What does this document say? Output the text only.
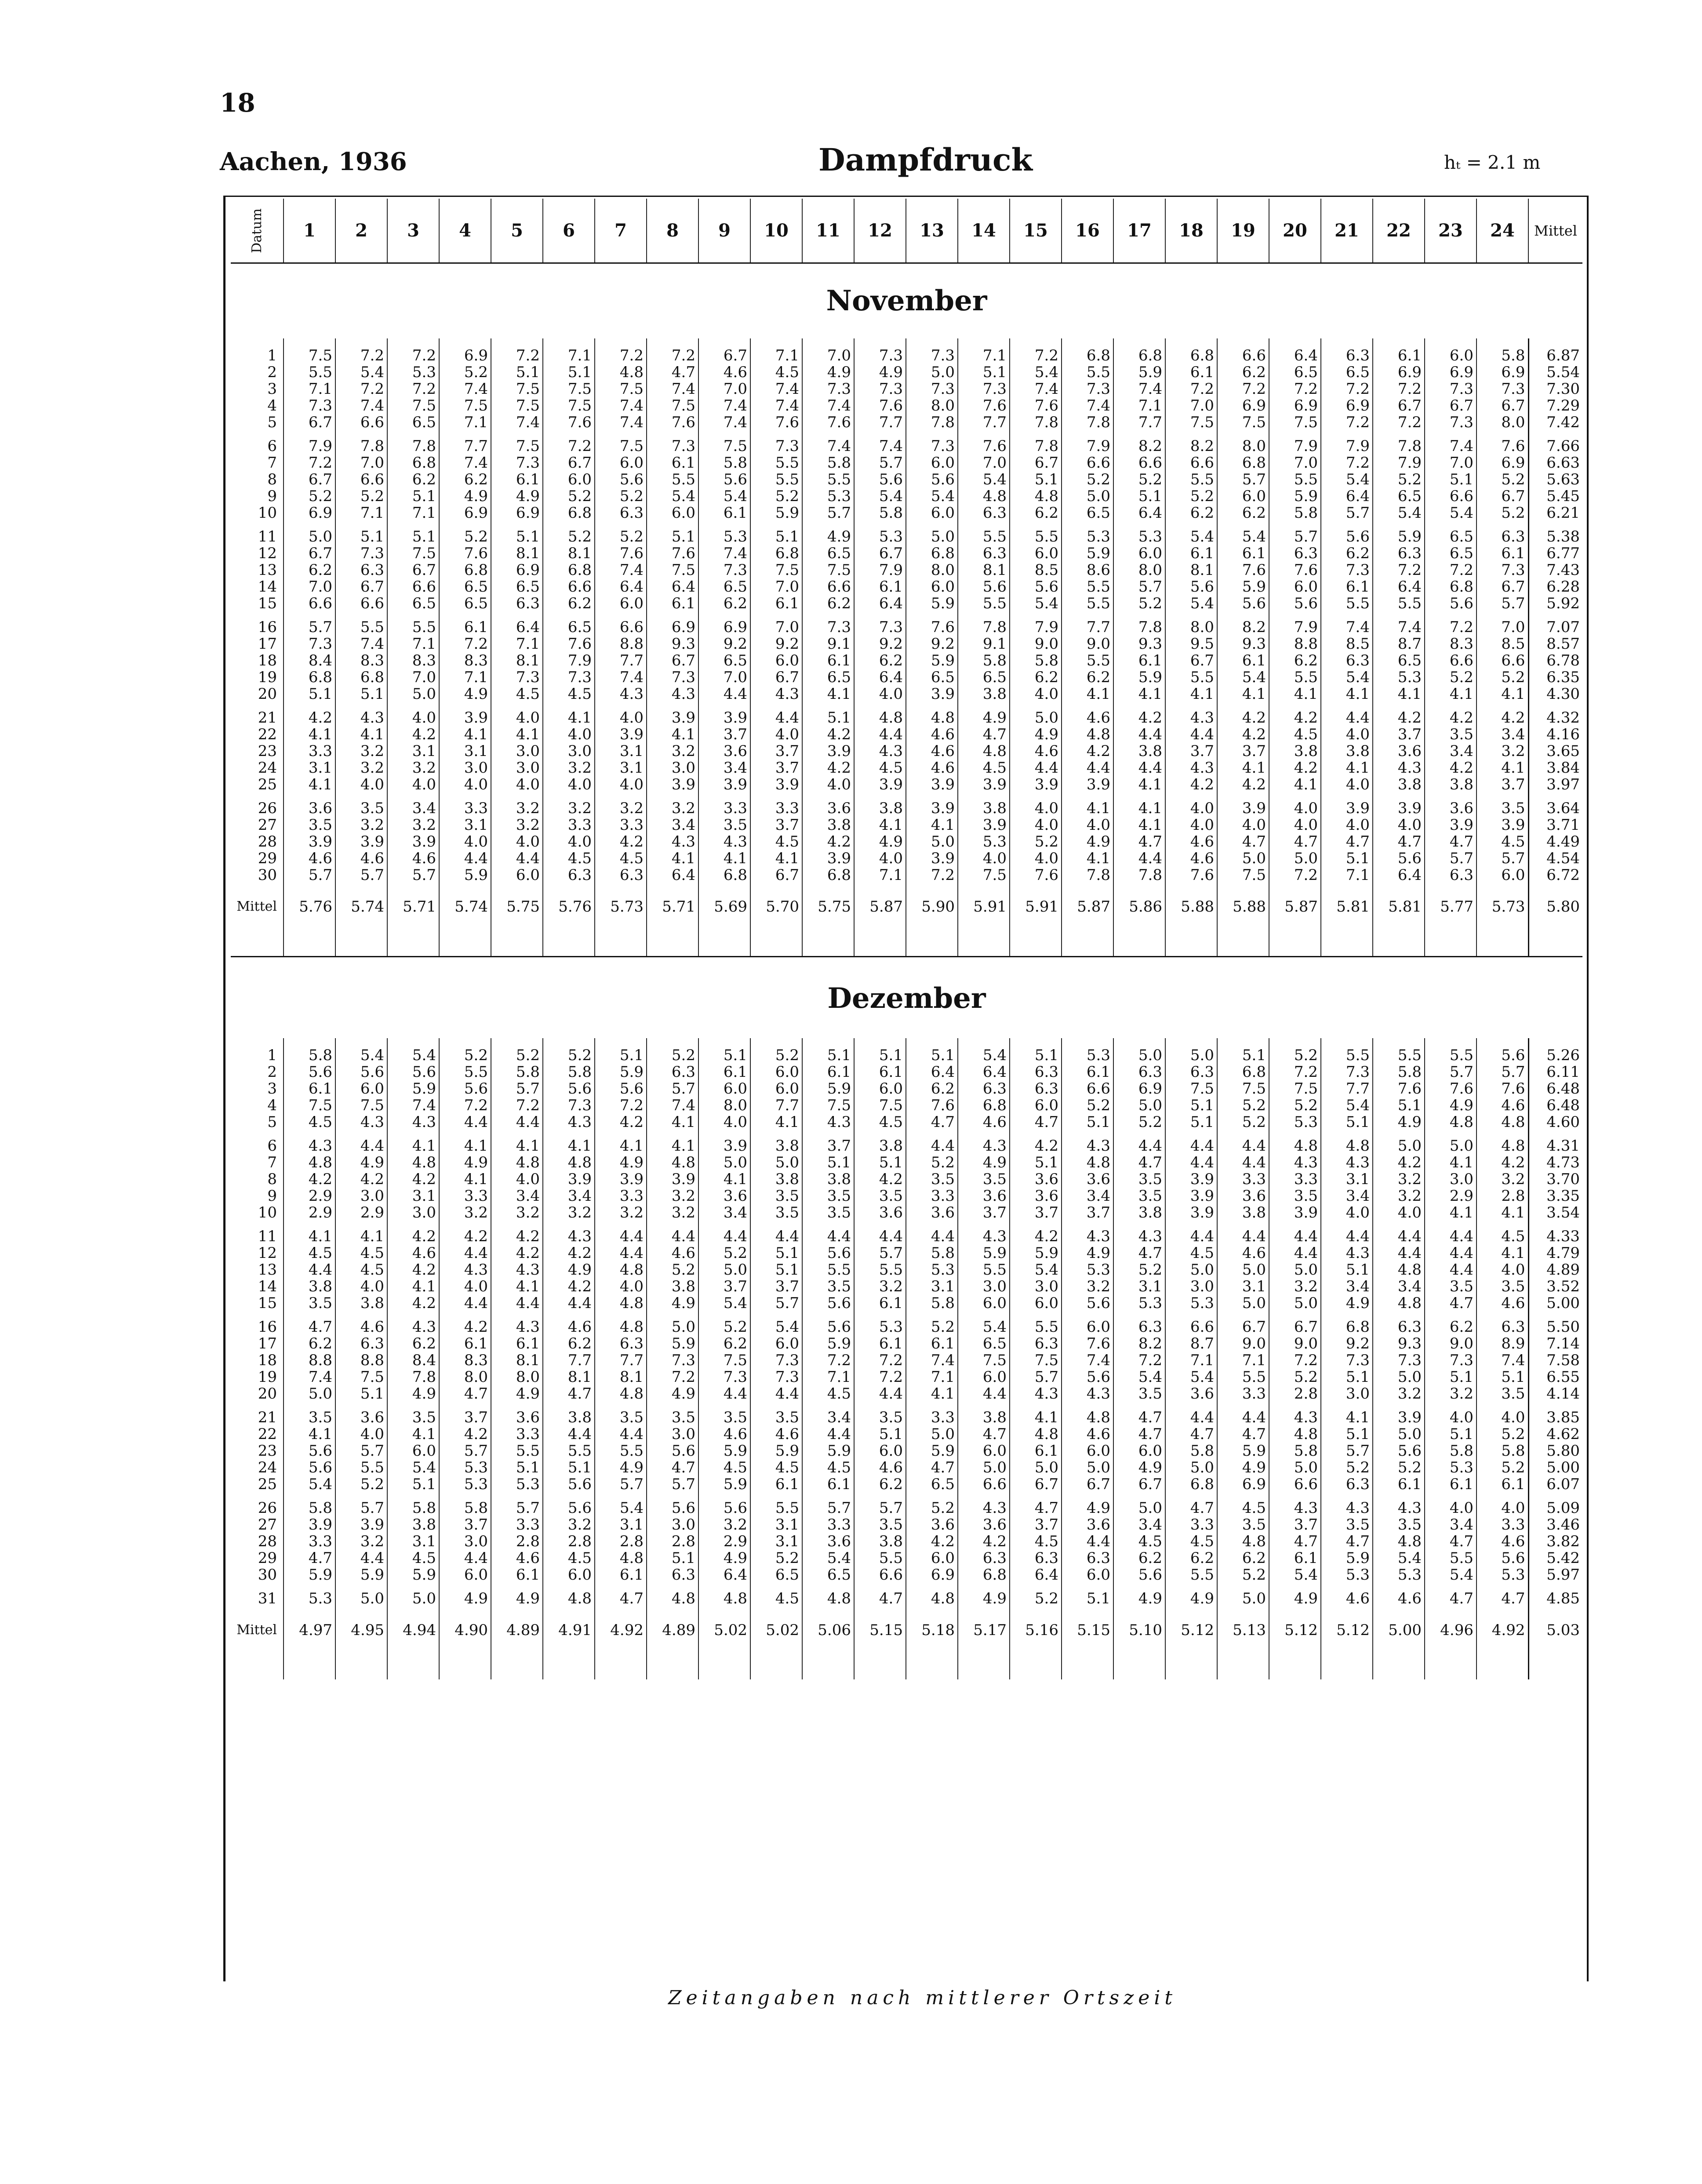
18
Aachen, 1936	Dampfdruck	hₜ = 2.1 m
Datum	1	2	3	4	5	6	7	8	9	10	11	12	13	14	15	16	17	18	19	20	21	22	23	24	Mittel
November																									

1	7.5	7.2	7.2	6.9	7.2	7.1	7.2	7.2	6.7	7.1	7.0	7.3	7.3	7.1	7.2	6.8	6.8	6.8	6.6	6.4	6.3	6.1	6.0	5.8	6.87
2	5.5	5.4	5.3	5.2	5.1	5.1	4.8	4.7	4.6	4.5	4.9	4.9	5.0	5.1	5.4	5.5	5.9	6.1	6.2	6.5	6.5	6.9	6.9	6.9	5.54
3	7.1	7.2	7.2	7.4	7.5	7.5	7.5	7.4	7.0	7.4	7.3	7.3	7.3	7.3	7.4	7.3	7.4	7.2	7.2	7.2	7.2	7.2	7.3	7.3	7.30
4	7.3	7.4	7.5	7.5	7.5	7.5	7.4	7.5	7.4	7.4	7.4	7.6	8.0	7.6	7.6	7.4	7.1	7.0	6.9	6.9	6.9	6.7	6.7	6.7	7.29
5	6.7	6.6	6.5	7.1	7.4	7.6	7.4	7.6	7.4	7.6	7.6	7.7	7.8	7.7	7.8	7.8	7.7	7.5	7.5	7.5	7.2	7.2	7.3	8.0	7.42

6	7.9	7.8	7.8	7.7	7.5	7.2	7.5	7.3	7.5	7.3	7.4	7.4	7.3	7.6	7.8	7.9	8.2	8.2	8.0	7.9	7.9	7.8	7.4	7.6	7.66
7	7.2	7.0	6.8	7.4	7.3	6.7	6.0	6.1	5.8	5.5	5.8	5.7	6.0	7.0	6.7	6.6	6.6	6.6	6.8	7.0	7.2	7.9	7.0	6.9	6.63
8	6.7	6.6	6.2	6.2	6.1	6.0	5.6	5.5	5.6	5.5	5.5	5.6	5.6	5.4	5.1	5.2	5.2	5.5	5.7	5.5	5.4	5.2	5.1	5.2	5.63
9	5.2	5.2	5.1	4.9	4.9	5.2	5.2	5.4	5.4	5.2	5.3	5.4	5.4	4.8	4.8	5.0	5.1	5.2	6.0	5.9	6.4	6.5	6.6	6.7	5.45
10	6.9	7.1	7.1	6.9	6.9	6.8	6.3	6.0	6.1	5.9	5.7	5.8	6.0	6.3	6.2	6.5	6.4	6.2	6.2	5.8	5.7	5.4	5.4	5.2	6.21

11	5.0	5.1	5.1	5.2	5.1	5.2	5.2	5.1	5.3	5.1	4.9	5.3	5.0	5.5	5.5	5.3	5.3	5.4	5.4	5.7	5.6	5.9	6.5	6.3	5.38
12	6.7	7.3	7.5	7.6	8.1	8.1	7.6	7.6	7.4	6.8	6.5	6.7	6.8	6.3	6.0	5.9	6.0	6.1	6.1	6.3	6.2	6.3	6.5	6.1	6.77
13	6.2	6.3	6.7	6.8	6.9	6.8	7.4	7.5	7.3	7.5	7.5	7.9	8.0	8.1	8.5	8.6	8.0	8.1	7.6	7.6	7.3	7.2	7.2	7.3	7.43
14	7.0	6.7	6.6	6.5	6.5	6.6	6.4	6.4	6.5	7.0	6.6	6.1	6.0	5.6	5.6	5.5	5.7	5.6	5.9	6.0	6.1	6.4	6.8	6.7	6.28
15	6.6	6.6	6.5	6.5	6.3	6.2	6.0	6.1	6.2	6.1	6.2	6.4	5.9	5.5	5.4	5.5	5.2	5.4	5.6	5.6	5.5	5.5	5.6	5.7	5.92

16	5.7	5.5	5.5	6.1	6.4	6.5	6.6	6.9	6.9	7.0	7.3	7.3	7.6	7.8	7.9	7.7	7.8	8.0	8.2	7.9	7.4	7.4	7.2	7.0	7.07
17	7.3	7.4	7.1	7.2	7.1	7.6	8.8	9.3	9.2	9.2	9.1	9.2	9.2	9.1	9.0	9.0	9.3	9.5	9.3	8.8	8.5	8.7	8.3	8.5	8.57
18	8.4	8.3	8.3	8.3	8.1	7.9	7.7	6.7	6.5	6.0	6.1	6.2	5.9	5.8	5.8	5.5	6.1	6.7	6.1	6.2	6.3	6.5	6.6	6.6	6.78
19	6.8	6.8	7.0	7.1	7.3	7.3	7.4	7.3	7.0	6.7	6.5	6.4	6.5	6.5	6.2	6.2	5.9	5.5	5.4	5.5	5.4	5.3	5.2	5.2	6.35
20	5.1	5.1	5.0	4.9	4.5	4.5	4.3	4.3	4.4	4.3	4.1	4.0	3.9	3.8	4.0	4.1	4.1	4.1	4.1	4.1	4.1	4.1	4.1	4.1	4.30

21	4.2	4.3	4.0	3.9	4.0	4.1	4.0	3.9	3.9	4.4	5.1	4.8	4.8	4.9	5.0	4.6	4.2	4.3	4.2	4.2	4.4	4.2	4.2	4.2	4.32
22	4.1	4.1	4.2	4.1	4.1	4.0	3.9	4.1	3.7	4.0	4.2	4.4	4.6	4.7	4.9	4.8	4.4	4.4	4.2	4.5	4.0	3.7	3.5	3.4	4.16
23	3.3	3.2	3.1	3.1	3.0	3.0	3.1	3.2	3.6	3.7	3.9	4.3	4.6	4.8	4.6	4.2	3.8	3.7	3.7	3.8	3.8	3.6	3.4	3.2	3.65
24	3.1	3.2	3.2	3.0	3.0	3.2	3.1	3.0	3.4	3.7	4.2	4.5	4.6	4.5	4.4	4.4	4.4	4.3	4.1	4.2	4.1	4.3	4.2	4.1	3.84
25	4.1	4.0	4.0	4.0	4.0	4.0	4.0	3.9	3.9	3.9	4.0	3.9	3.9	3.9	3.9	3.9	4.1	4.2	4.2	4.1	4.0	3.8	3.8	3.7	3.97

26	3.6	3.5	3.4	3.3	3.2	3.2	3.2	3.2	3.3	3.3	3.6	3.8	3.9	3.8	4.0	4.1	4.1	4.0	3.9	4.0	3.9	3.9	3.6	3.5	3.64
27	3.5	3.2	3.2	3.1	3.2	3.3	3.3	3.4	3.5	3.7	3.8	4.1	4.1	3.9	4.0	4.0	4.1	4.0	4.0	4.0	4.0	4.0	3.9	3.9	3.71
28	3.9	3.9	3.9	4.0	4.0	4.0	4.2	4.3	4.3	4.5	4.2	4.9	5.0	5.3	5.2	4.9	4.7	4.6	4.7	4.7	4.7	4.7	4.7	4.5	4.49
29	4.6	4.6	4.6	4.4	4.4	4.5	4.5	4.1	4.1	4.1	3.9	4.0	3.9	4.0	4.0	4.1	4.4	4.6	5.0	5.0	5.1	5.6	5.7	5.7	4.54
30	5.7	5.7	5.7	5.9	6.0	6.3	6.3	6.4	6.8	6.7	6.8	7.1	7.2	7.5	7.6	7.8	7.8	7.6	7.5	7.2	7.1	6.4	6.3	6.0	6.72
Mittel	5.76	5.74	5.71	5.74	5.75	5.76	5.73	5.71	5.69	5.70	5.75	5.87	5.90	5.91	5.91	5.87	5.86	5.88	5.88	5.87	5.81	5.81	5.77	5.73	5.80

Dezember																									

1	5.8	5.4	5.4	5.2	5.2	5.2	5.1	5.2	5.1	5.2	5.1	5.1	5.1	5.4	5.1	5.3	5.0	5.0	5.1	5.2	5.5	5.5	5.5	5.6	5.26
2	5.6	5.6	5.6	5.5	5.8	5.8	5.9	6.3	6.1	6.0	6.1	6.1	6.4	6.4	6.3	6.1	6.3	6.3	6.8	7.2	7.3	5.8	5.7	5.7	6.11
3	6.1	6.0	5.9	5.6	5.7	5.6	5.6	5.7	6.0	6.0	5.9	6.0	6.2	6.3	6.3	6.6	6.9	7.5	7.5	7.5	7.7	7.6	7.6	7.6	6.48
4	7.5	7.5	7.4	7.2	7.2	7.3	7.2	7.4	8.0	7.7	7.5	7.5	7.6	6.8	6.0	5.2	5.0	5.1	5.2	5.2	5.4	5.1	4.9	4.6	6.48
5	4.5	4.3	4.3	4.4	4.4	4.3	4.2	4.1	4.0	4.1	4.3	4.5	4.7	4.6	4.7	5.1	5.2	5.1	5.2	5.3	5.1	4.9	4.8	4.8	4.60

6	4.3	4.4	4.1	4.1	4.1	4.1	4.1	4.1	3.9	3.8	3.7	3.8	4.4	4.3	4.2	4.3	4.4	4.4	4.4	4.8	4.8	5.0	5.0	4.8	4.31
7	4.8	4.9	4.8	4.9	4.8	4.8	4.9	4.8	5.0	5.0	5.1	5.1	5.2	4.9	5.1	4.8	4.7	4.4	4.4	4.3	4.3	4.2	4.1	4.2	4.73
8	4.2	4.2	4.2	4.1	4.0	3.9	3.9	3.9	4.1	3.8	3.8	4.2	3.5	3.5	3.6	3.6	3.5	3.9	3.3	3.3	3.1	3.2	3.0	3.2	3.70
9	2.9	3.0	3.1	3.3	3.4	3.4	3.3	3.2	3.6	3.5	3.5	3.5	3.3	3.6	3.6	3.4	3.5	3.9	3.6	3.5	3.4	3.2	2.9	2.8	3.35
10	2.9	2.9	3.0	3.2	3.2	3.2	3.2	3.2	3.4	3.5	3.5	3.6	3.6	3.7	3.7	3.7	3.8	3.9	3.8	3.9	4.0	4.0	4.1	4.1	3.54

11	4.1	4.1	4.2	4.2	4.2	4.3	4.4	4.4	4.4	4.4	4.4	4.4	4.4	4.3	4.2	4.3	4.3	4.4	4.4	4.4	4.4	4.4	4.4	4.5	4.33
12	4.5	4.5	4.6	4.4	4.2	4.2	4.4	4.6	5.2	5.1	5.6	5.7	5.8	5.9	5.9	4.9	4.7	4.5	4.6	4.4	4.3	4.4	4.4	4.1	4.79
13	4.4	4.5	4.2	4.3	4.3	4.9	4.8	5.2	5.0	5.1	5.5	5.5	5.3	5.5	5.4	5.3	5.2	5.0	5.0	5.0	5.1	4.8	4.4	4.0	4.89
14	3.8	4.0	4.1	4.0	4.1	4.2	4.0	3.8	3.7	3.7	3.5	3.2	3.1	3.0	3.0	3.2	3.1	3.0	3.1	3.2	3.4	3.4	3.5	3.5	3.52
15	3.5	3.8	4.2	4.4	4.4	4.4	4.8	4.9	5.4	5.7	5.6	6.1	5.8	6.0	6.0	5.6	5.3	5.3	5.0	5.0	4.9	4.8	4.7	4.6	5.00

16	4.7	4.6	4.3	4.2	4.3	4.6	4.8	5.0	5.2	5.4	5.6	5.3	5.2	5.4	5.5	6.0	6.3	6.6	6.7	6.7	6.8	6.3	6.2	6.3	5.50
17	6.2	6.3	6.2	6.1	6.1	6.2	6.3	5.9	6.2	6.0	5.9	6.1	6.1	6.5	6.3	7.6	8.2	8.7	9.0	9.0	9.2	9.3	9.0	8.9	7.14
18	8.8	8.8	8.4	8.3	8.1	7.7	7.7	7.3	7.5	7.3	7.2	7.2	7.4	7.5	7.5	7.4	7.2	7.1	7.1	7.2	7.3	7.3	7.3	7.4	7.58
19	7.4	7.5	7.8	8.0	8.0	8.1	8.1	7.2	7.3	7.3	7.1	7.2	7.1	6.0	5.7	5.6	5.4	5.4	5.5	5.2	5.1	5.0	5.1	5.1	6.55
20	5.0	5.1	4.9	4.7	4.9	4.7	4.8	4.9	4.4	4.4	4.5	4.4	4.1	4.4	4.3	4.3	3.5	3.6	3.3	2.8	3.0	3.2	3.2	3.5	4.14

21	3.5	3.6	3.5	3.7	3.6	3.8	3.5	3.5	3.5	3.5	3.4	3.5	3.3	3.8	4.1	4.8	4.7	4.4	4.4	4.3	4.1	3.9	4.0	4.0	3.85
22	4.1	4.0	4.1	4.2	3.3	4.4	4.4	3.0	4.6	4.6	4.4	5.1	5.0	4.7	4.8	4.6	4.7	4.7	4.7	4.8	5.1	5.0	5.1	5.2	4.62
23	5.6	5.7	6.0	5.7	5.5	5.5	5.5	5.6	5.9	5.9	5.9	6.0	5.9	6.0	6.1	6.0	6.0	5.8	5.9	5.8	5.7	5.6	5.8	5.8	5.80
24	5.6	5.5	5.4	5.3	5.1	5.1	4.9	4.7	4.5	4.5	4.5	4.6	4.7	5.0	5.0	5.0	4.9	5.0	4.9	5.0	5.2	5.2	5.3	5.2	5.00
25	5.4	5.2	5.1	5.3	5.3	5.6	5.7	5.7	5.9	6.1	6.1	6.2	6.5	6.6	6.7	6.7	6.7	6.8	6.9	6.6	6.3	6.1	6.1	6.1	6.07

26	5.8	5.7	5.8	5.8	5.7	5.6	5.4	5.6	5.6	5.5	5.7	5.7	5.2	4.3	4.7	4.9	5.0	4.7	4.5	4.3	4.3	4.3	4.0	4.0	5.09
27	3.9	3.9	3.8	3.7	3.3	3.2	3.1	3.0	3.2	3.1	3.3	3.5	3.6	3.6	3.7	3.6	3.4	3.3	3.5	3.7	3.5	3.5	3.4	3.3	3.46
28	3.3	3.2	3.1	3.0	2.8	2.8	2.8	2.8	2.9	3.1	3.6	3.8	4.2	4.2	4.5	4.4	4.5	4.5	4.8	4.7	4.7	4.8	4.7	4.6	3.82
29	4.7	4.4	4.5	4.4	4.6	4.5	4.8	5.1	4.9	5.2	5.4	5.5	6.0	6.3	6.3	6.3	6.2	6.2	6.2	6.1	5.9	5.4	5.5	5.6	5.42
30	5.9	5.9	5.9	6.0	6.1	6.0	6.1	6.3	6.4	6.5	6.5	6.6	6.9	6.8	6.4	6.0	5.6	5.5	5.2	5.4	5.3	5.3	5.4	5.3	5.97

31	5.3	5.0	5.0	4.9	4.9	4.8	4.7	4.8	4.8	4.5	4.8	4.7	4.8	4.9	5.2	5.1	4.9	4.9	5.0	4.9	4.6	4.6	4.7	4.7	4.85
Mittel	4.97	4.95	4.94	4.90	4.89	4.91	4.92	4.89	5.02	5.02	5.06	5.15	5.18	5.17	5.16	5.15	5.10	5.12	5.13	5.12	5.12	5.00	4.96	4.92	5.03

Zeitangaben nach mittlerer Ortszeit
